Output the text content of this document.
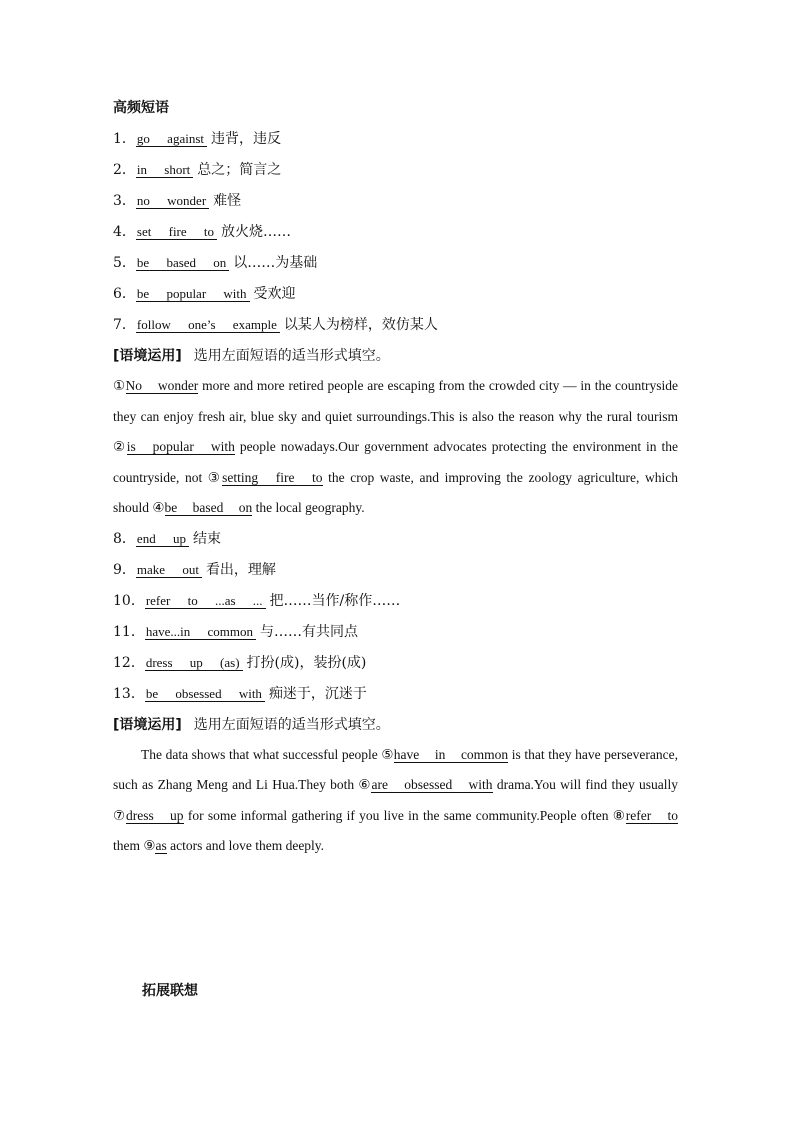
高频短语
1．go against 违背，违反
2．in short 总之；简言之
3．no wonder 难怪
4．set fire to 放火烧……
5．be based on 以……为基础
6．be popular with 受欢迎
7．follow one’s example 以某人为榜样，效仿某人
[语境运用] 选用左面短语的适当形式填空。

①No wonder more and more retired people are escaping from the crowded city — in the countryside they can enjoy fresh air, blue sky and quiet surroundings.This is also the reason why the rural tourism ②is popular with people nowadays.Our government advocates protecting the environment in the countryside, not ③setting fire to the crop waste, and improving the zoology agriculture, which should ④be based on the local geography.

8．end up 结束
9．make out 看出，理解
10．refer to ...as ... 把……当作/称作……
11．have...in common 与……有共同点
12．dress up (as) 打扮(成)，装扮(成)
13．be obsessed with 痴迷于，沉迷于
[语境运用] 选用左面短语的适当形式填空。

The data shows that what successful people ⑤have in common is that they have perseverance, such as Zhang Meng and Li Hua.They both ⑥are obsessed with drama.You will find they usually ⑦dress up for some informal gathering if you live in the same community.People often ⑧refer to them ⑨as actors and love them deeply.

拓展联想
